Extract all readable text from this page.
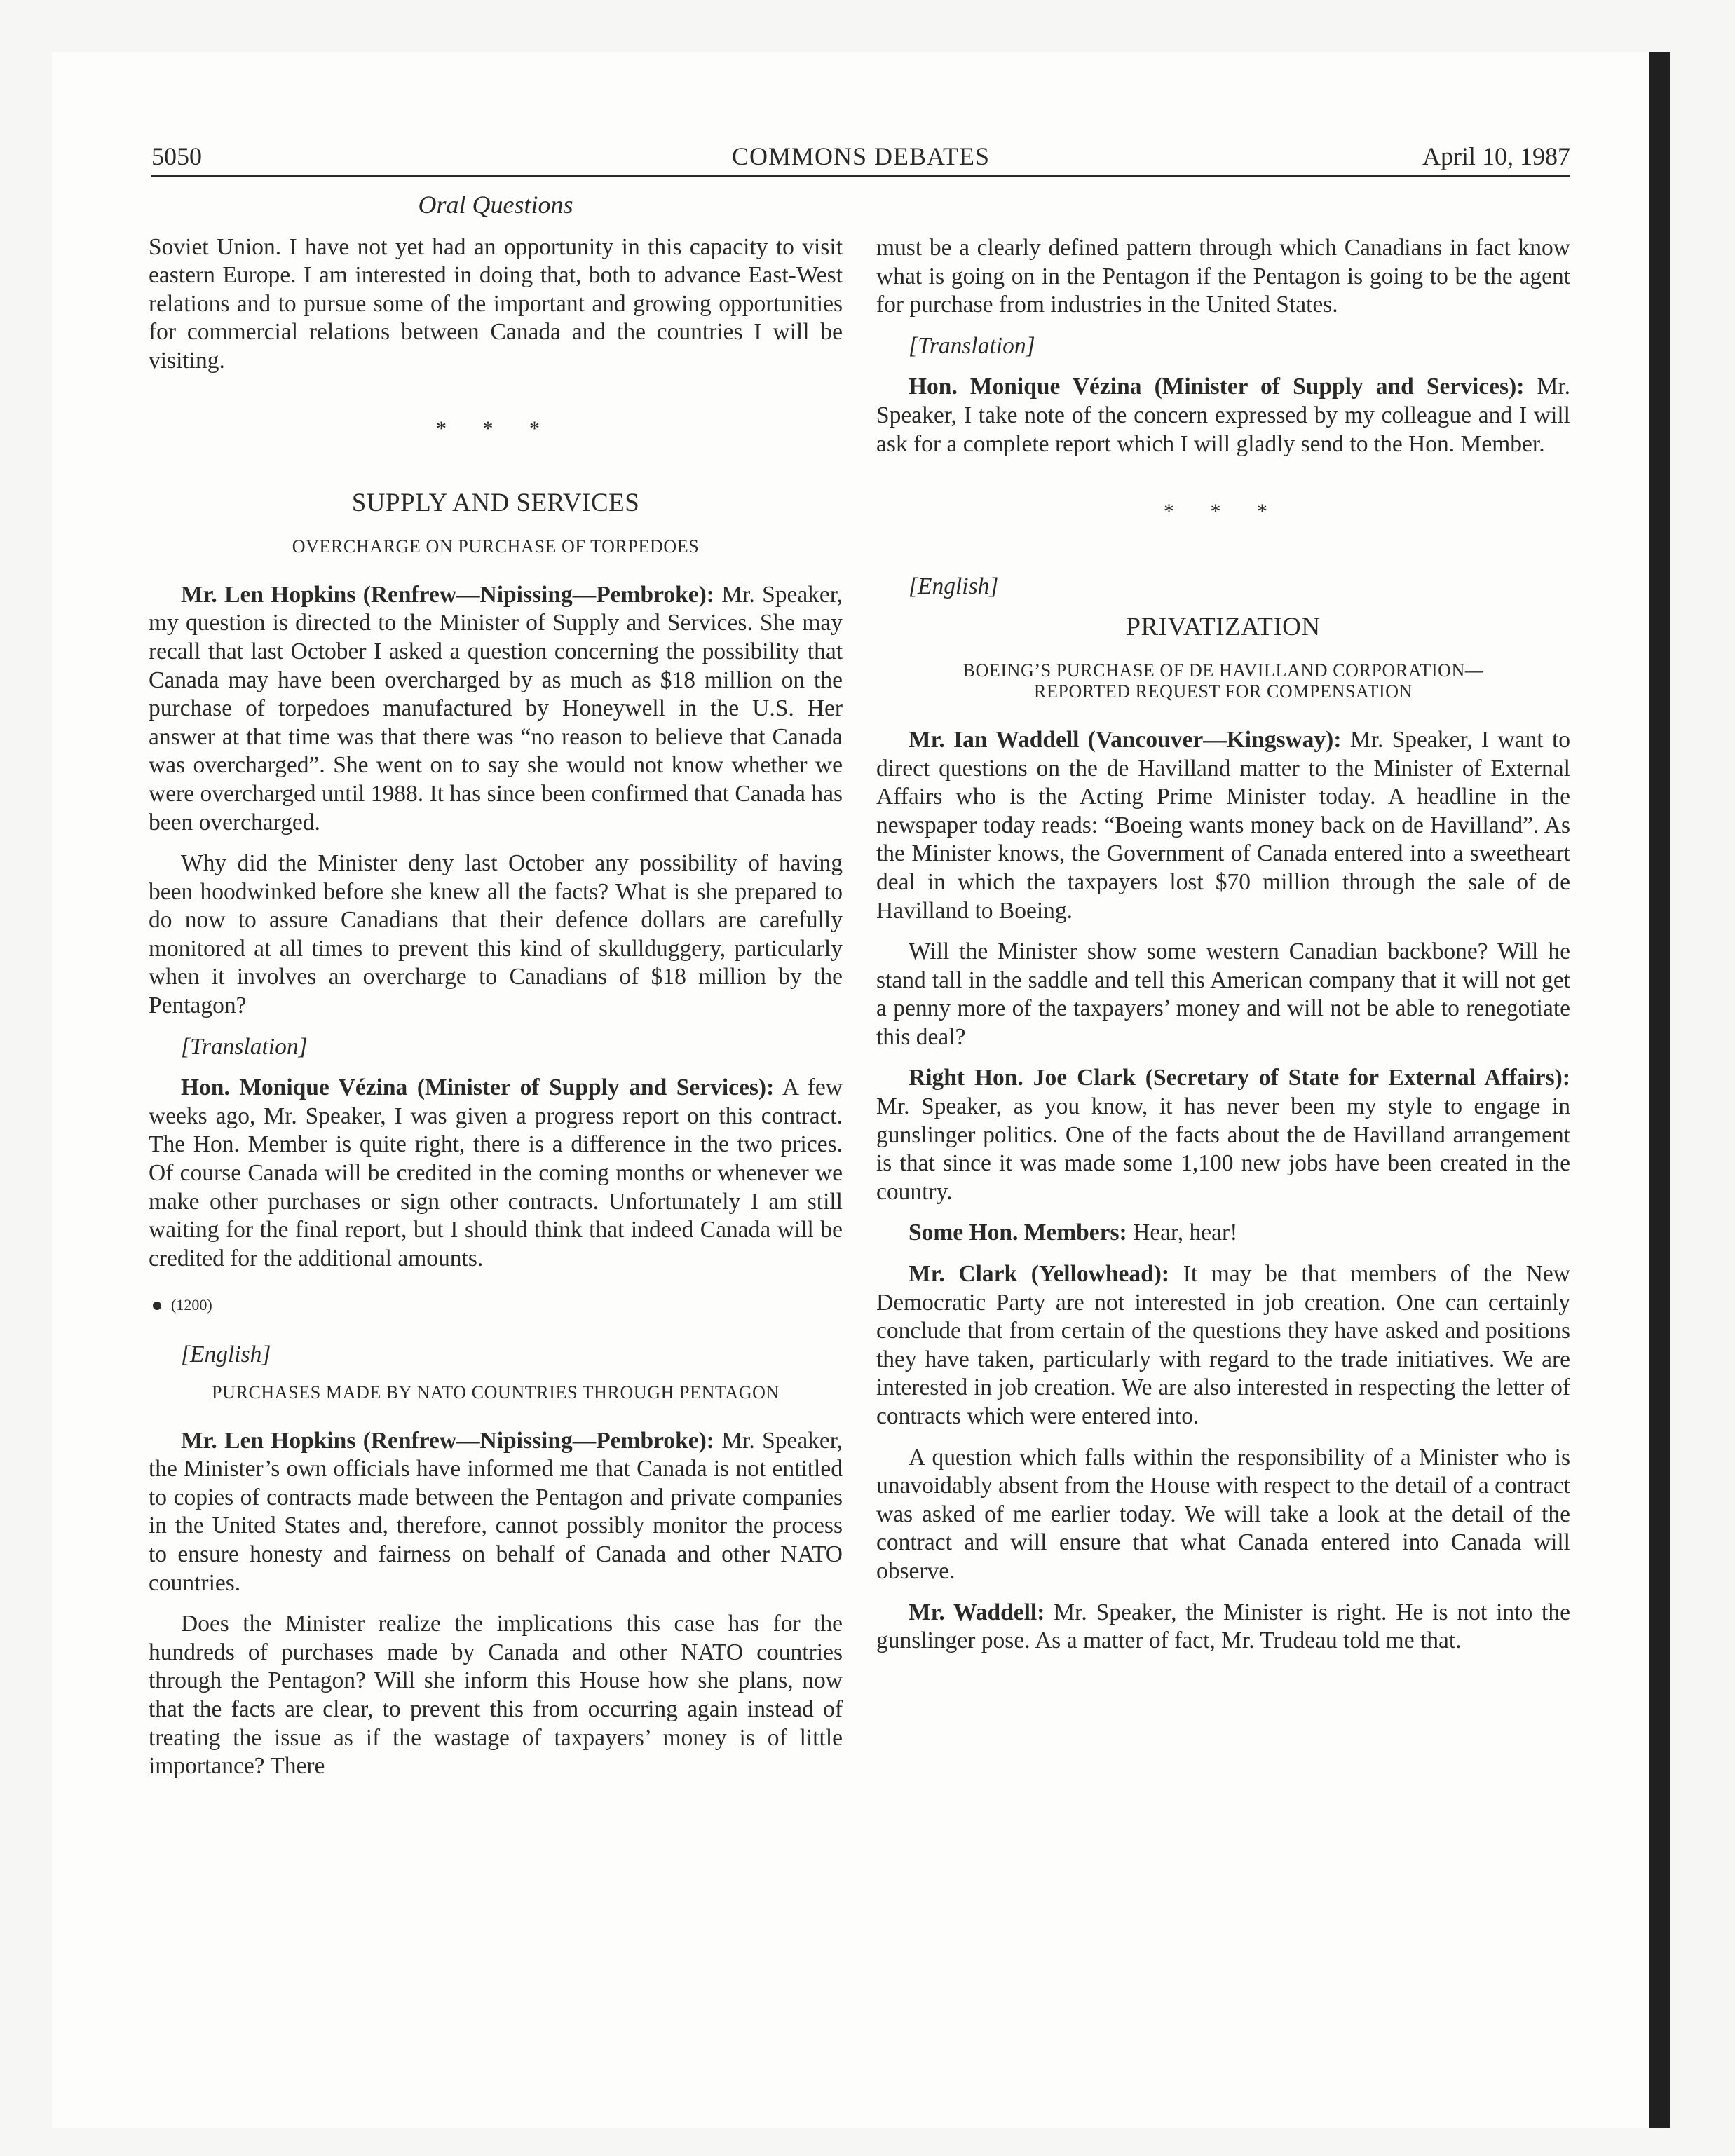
5050	COMMONS DEBATES	April 10, 1987
Oral Questions

Soviet Union. I have not yet had an opportunity in this capacity to visit eastern Europe. I am interested in doing that, both to advance East-West relations and to pursue some of the important and growing opportunities for commercial relations between Canada and the countries I will be visiting.

* * *
SUPPLY AND SERVICES
OVERCHARGE ON PURCHASE OF TORPEDOES

Mr. Len Hopkins (Renfrew—Nipissing—Pembroke): Mr. Speaker, my question is directed to the Minister of Supply and Services. She may recall that last October I asked a question concerning the possibility that Canada may have been overcharged by as much as $18 million on the purchase of torpedoes manufactured by Honeywell in the U.S. Her answer at that time was that there was “no reason to believe that Canada was overcharged”. She went on to say she would not know whether we were overcharged until 1988. It has since been confirmed that Canada has been overcharged.

Why did the Minister deny last October any possibility of having been hoodwinked before she knew all the facts? What is she prepared to do now to assure Canadians that their defence dollars are carefully monitored at all times to prevent this kind of skullduggery, particularly when it involves an overcharge to Canadians of $18 million by the Pentagon?

[Translation]

Hon. Monique Vézina (Minister of Supply and Services): A few weeks ago, Mr. Speaker, I was given a progress report on this contract. The Hon. Member is quite right, there is a difference in the two prices. Of course Canada will be credited in the coming months or whenever we make other purchases or sign other contracts. Unfortunately I am still waiting for the final report, but I should think that indeed Canada will be credited for the additional amounts.

(1200)

[English]

PURCHASES MADE BY NATO COUNTRIES THROUGH PENTAGON

Mr. Len Hopkins (Renfrew—Nipissing—Pembroke): Mr. Speaker, the Minister’s own officials have informed me that Canada is not entitled to copies of contracts made between the Pentagon and private companies in the United States and, therefore, cannot possibly monitor the process to ensure honesty and fairness on behalf of Canada and other NATO countries.

Does the Minister realize the implications this case has for the hundreds of purchases made by Canada and other NATO countries through the Pentagon? Will she inform this House how she plans, now that the facts are clear, to prevent this from occurring again instead of treating the issue as if the wastage of taxpayers’ money is of little importance? There

must be a clearly defined pattern through which Canadians in fact know what is going on in the Pentagon if the Pentagon is going to be the agent for purchase from industries in the United States.

[Translation]

Hon. Monique Vézina (Minister of Supply and Services): Mr. Speaker, I take note of the concern expressed by my colleague and I will ask for a complete report which I will gladly send to the Hon. Member.

* * *

[English]

PRIVATIZATION
BOEING’S PURCHASE OF DE HAVILLAND CORPORATION—
REPORTED REQUEST FOR COMPENSATION

Mr. Ian Waddell (Vancouver—Kingsway): Mr. Speaker, I want to direct questions on the de Havilland matter to the Minister of External Affairs who is the Acting Prime Minister today. A headline in the newspaper today reads: “Boeing wants money back on de Havilland”. As the Minister knows, the Government of Canada entered into a sweetheart deal in which the taxpayers lost $70 million through the sale of de Havilland to Boeing.

Will the Minister show some western Canadian backbone? Will he stand tall in the saddle and tell this American company that it will not get a penny more of the taxpayers’ money and will not be able to renegotiate this deal?

Right Hon. Joe Clark (Secretary of State for External Affairs): Mr. Speaker, as you know, it has never been my style to engage in gunslinger politics. One of the facts about the de Havilland arrangement is that since it was made some 1,100 new jobs have been created in the country.

Some Hon. Members: Hear, hear!

Mr. Clark (Yellowhead): It may be that members of the New Democratic Party are not interested in job creation. One can certainly conclude that from certain of the questions they have asked and positions they have taken, particularly with regard to the trade initiatives. We are interested in job creation. We are also interested in respecting the letter of contracts which were entered into.

A question which falls within the responsibility of a Minister who is unavoidably absent from the House with respect to the detail of a contract was asked of me earlier today. We will take a look at the detail of the contract and will ensure that what Canada entered into Canada will observe.

Mr. Waddell: Mr. Speaker, the Minister is right. He is not into the gunslinger pose. As a matter of fact, Mr. Trudeau told me that.
